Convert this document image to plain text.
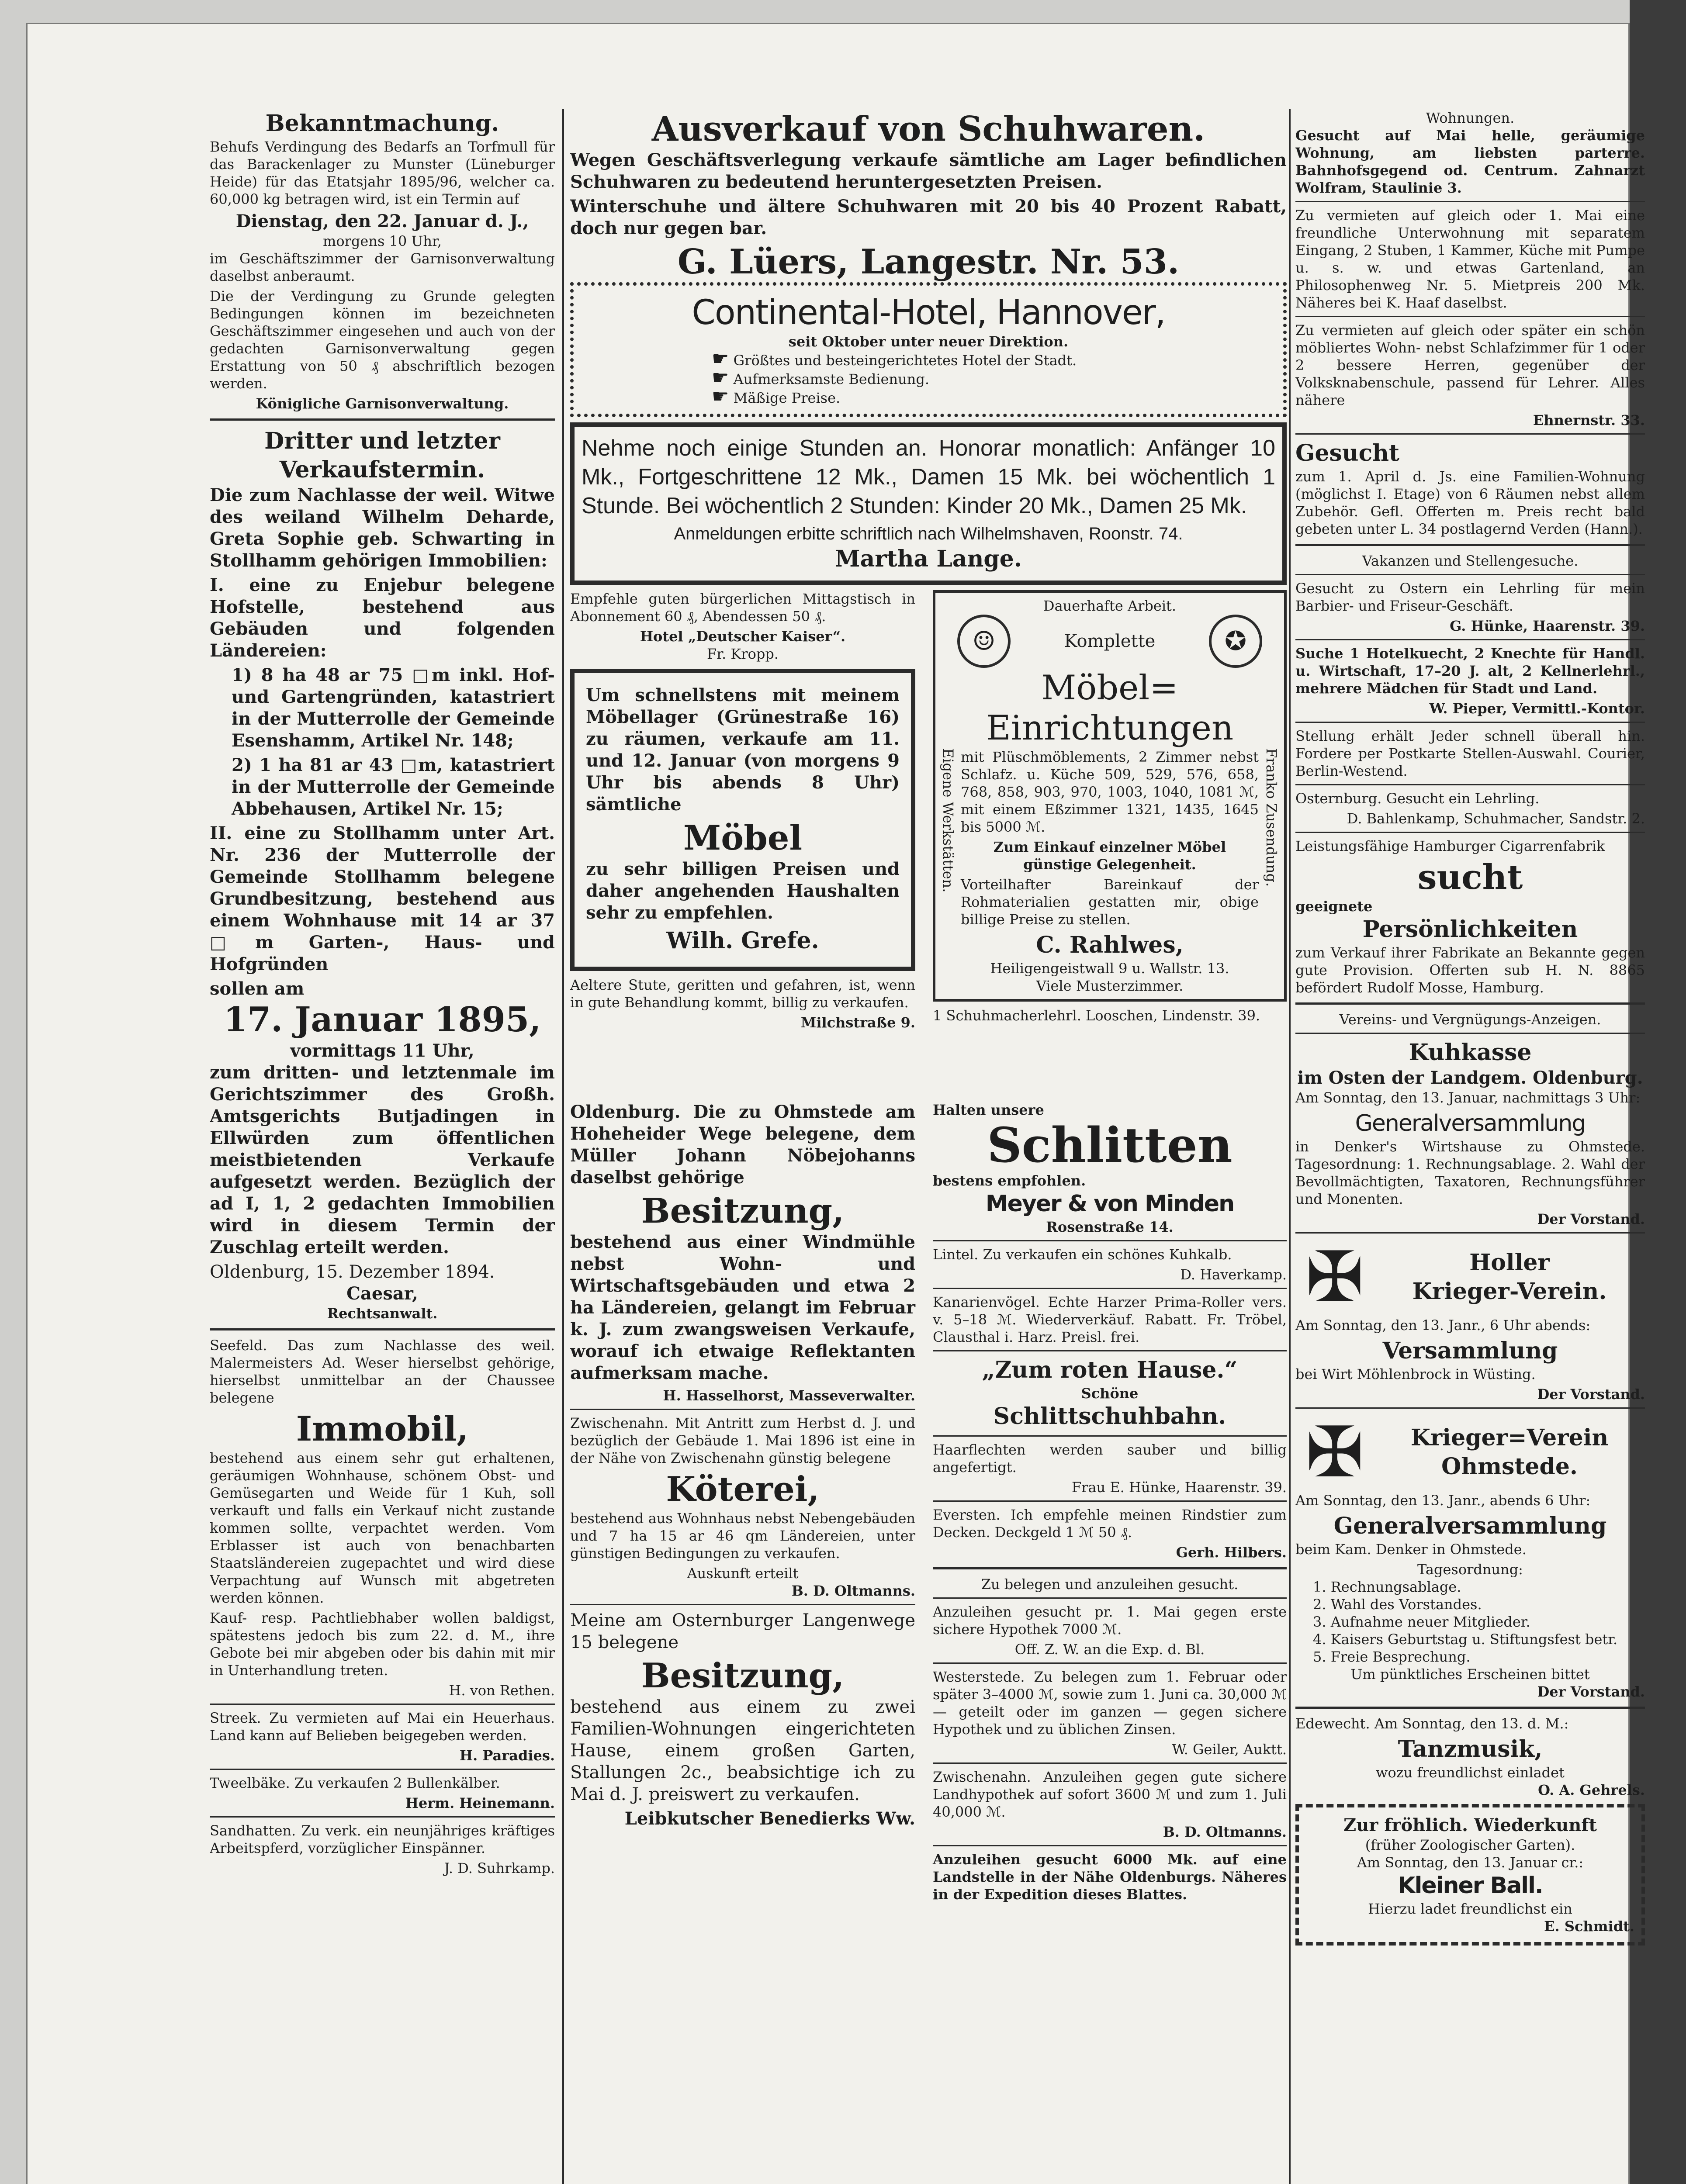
Bekanntmachung.

Behufs Verdingung des Bedarfs an Torfmull für das Barackenlager zu Munster (Lüneburger Heide) für das Etatsjahr 1895/96, welcher ca. 60,000 kg betragen wird, ist ein Termin auf

Dienstag, den 22. Januar d. J.,
morgens 10 Uhr,

im Geschäftszimmer der Garnisonverwaltung daselbst anberaumt.

Die der Verdingung zu Grunde gelegten Bedingungen können im bezeichneten Geschäftszimmer eingesehen und auch von der gedachten Garnisonverwaltung gegen Erstattung von 50 ₰ abschriftlich bezogen werden.

Königliche Garnisonverwaltung.
Dritter und letzter Verkaufstermin.

Die zum Nachlasse der weil. Witwe des weiland Wilhelm Deharde, Greta Sophie geb. Schwarting in Stollhamm gehörigen Immobilien:

I. eine zu Enjebur belegene Hofstelle, bestehend aus Gebäuden und folgenden Ländereien:

1) 8 ha 48 ar 75 □m inkl. Hof- und Gartengründen, katastriert in der Mutterrolle der Gemeinde Esenshamm, Artikel Nr. 148;

2) 1 ha 81 ar 43 □m, katastriert in der Mutterrolle der Gemeinde Abbehausen, Artikel Nr. 15;

II. eine zu Stollhamm unter Art. Nr. 236 der Mutterrolle der Gemeinde Stollhamm belegene Grundbesitzung, bestehend aus einem Wohnhause mit 14 ar 37 □m Garten-, Haus- und Hofgründen

sollen am
17. Januar 1895,
vormittags 11 Uhr,

zum dritten- und letztenmale im Gerichtszimmer des Großh. Amtsgerichts Butjadingen in Ellwürden zum öffentlichen meistbietenden Verkaufe aufgesetzt werden. Bezüglich der ad I, 1, 2 gedachten Immobilien wird in diesem Termin der Zuschlag erteilt werden.

Oldenburg, 15. Dezember 1894.
Caesar,
Rechtsanwalt.

Seefeld. Das zum Nachlasse des weil. Malermeisters Ad. Weser hierselbst gehörige, hierselbst unmittelbar an der Chaussee belegene

Immobil,

bestehend aus einem sehr gut erhaltenen, geräumigen Wohnhause, schönem Obst- und Gemüsegarten und Weide für 1 Kuh, soll verkauft und falls ein Verkauf nicht zustande kommen sollte, verpachtet werden. Vom Erblasser ist auch von benachbarten Staatsländereien zugepachtet und wird diese Verpachtung auf Wunsch mit abgetreten werden können.

Kauf- resp. Pachtliebhaber wollen baldigst, spätestens jedoch bis zum 22. d. M., ihre Gebote bei mir abgeben oder bis dahin mit mir in Unterhandlung treten.

H. von Rethen.

Streek. Zu vermieten auf Mai ein Heuerhaus. Land kann auf Belieben beigegeben werden.

H. Paradies.

Tweelbäke. Zu verkaufen 2 Bullenkälber.

Herm. Heinemann.

Sandhatten. Zu verk. ein neunjähriges kräftiges Arbeitspferd, vorzüglicher Einspänner.

J. D. Suhrkamp.
Ausverkauf von Schuhwaren.

Wegen Geschäftsverlegung verkaufe sämtliche am Lager befindlichen Schuhwaren zu bedeutend heruntergesetzten Preisen.

Winterschuhe und ältere Schuhwaren mit 20 bis 40 Prozent Rabatt, doch nur gegen bar.

G. Lüers, Langestr. Nr. 53.
Continental-Hotel, Hannover,
seit Oktober unter neuer Direktion.
☛ Größtes und besteingerichtetes Hotel der Stadt.
☛ Aufmerksamste Bedienung.
☛ Mäßige Preise.

Nehme noch einige Stunden an. Honorar monatlich: Anfänger 10 Mk., Fortgeschrittene 12 Mk., Damen 15 Mk. bei wöchentlich 1 Stunde. Bei wöchentlich 2 Stunden: Kinder 20 Mk., Damen 25 Mk.

Anmeldungen erbitte schriftlich nach Wilhelmshaven, Roonstr. 74.
Martha Lange.

Empfehle guten bürgerlichen Mittagstisch in Abonnement 60 ₰, Abendessen 50 ₰.

Hotel „Deutscher Kaiser“.
Fr. Kropp.

Um schnellstens mit meinem Möbellager (Grünestraße 16) zu räumen, verkaufe am 11. und 12. Januar (von morgens 9 Uhr bis abends 8 Uhr) sämtliche

Möbel

zu sehr billigen Preisen und daher angehenden Haushalten sehr zu empfehlen.

Wilh. Grefe.

Aeltere Stute, geritten und gefahren, ist, wenn in gute Behandlung kommt, billig zu verkaufen.

Milchstraße 9.
Dauerhafte Arbeit.
☺	Komplette	✪
Möbel=
Einrichtungen
Eigene Werkstätten. mit Plüschmöblements, 2 Zimmer nebst Schlafz. u. Küche 509, 529, 576, 658, 768, 858, 903, 970, 1003, 1040, 1081 ℳ, mit einem Eßzimmer 1321, 1435, 1645 bis 5000 ℳ.

Zum Einkauf einzelner Möbel günstige Gelegenheit.

Vorteilhafter Bareinkauf der Rohmaterialien gestatten mir, obige billige Preise zu stellen.

Franko Zusendung.
C. Rahlwes,
Heiligengeistwall 9 u. Wallstr. 13.
Viele Musterzimmer.
1 Schuhmacherlehrl. Looschen, Lindenstr. 39.

Oldenburg. Die zu Ohmstede am Hoheheider Wege belegene, dem Müller Johann Nöbejohanns daselbst gehörige

Besitzung,

bestehend aus einer Windmühle nebst Wohn- und Wirtschaftsgebäuden und etwa 2 ha Ländereien, gelangt im Februar k. J. zum zwangsweisen Verkaufe, worauf ich etwaige Reflektanten aufmerksam mache.

H. Hasselhorst, Masseverwalter.

Zwischenahn. Mit Antritt zum Herbst d. J. und bezüglich der Gebäude 1. Mai 1896 ist eine in der Nähe von Zwischenahn günstig belegene

Köterei,

bestehend aus Wohnhaus nebst Nebengebäuden und 7 ha 15 ar 46 qm Ländereien, unter günstigen Bedingungen zu verkaufen.

Auskunft erteilt
B. D. Oltmanns.

Meine am Osternburger Langenwege 15 belegene

Besitzung,

bestehend aus einem zu zwei Familien-Wohnungen eingerichteten Hause, einem großen Garten, Stallungen 2c., beabsichtige ich zu Mai d. J. preiswert zu verkaufen.

Leibkutscher Benedierks Ww.
Halten unsere
Schlitten
bestens empfohlen.
Meyer & von Minden
Rosenstraße 14.

Lintel. Zu verkaufen ein schönes Kuhkalb.

D. Haverkamp.

Kanarienvögel. Echte Harzer Prima-Roller vers. v. 5–18 ℳ. Wiederverkäuf. Rabatt. Fr. Tröbel, Clausthal i. Harz. Preisl. frei.

„Zum roten Hause.“
Schöne
Schlittschuhbahn.

Haarflechten werden sauber und billig angefertigt.

Frau E. Hünke, Haarenstr. 39.

Eversten. Ich empfehle meinen Rindstier zum Decken. Deckgeld 1 ℳ 50 ₰.

Gerh. Hilbers.
Zu belegen und anzuleihen gesucht.

Anzuleihen gesucht pr. 1. Mai gegen erste sichere Hypothek 7000 ℳ.

Off. Z. W. an die Exp. d. Bl.

Westerstede. Zu belegen zum 1. Februar oder später 3–4000 ℳ, sowie zum 1. Juni ca. 30,000 ℳ — geteilt oder im ganzen — gegen sichere Hypothek und zu üblichen Zinsen.

W. Geiler, Auktt.

Zwischenahn. Anzuleihen gegen gute sichere Landhypothek auf sofort 3600 ℳ und zum 1. Juli 40,000 ℳ.

B. D. Oltmanns.

Anzuleihen gesucht 6000 Mk. auf eine Landstelle in der Nähe Oldenburgs. Näheres in der Expedition dieses Blattes.

Wohnungen.

Gesucht auf Mai helle, geräumige Wohnung, am liebsten parterre. Bahnhofsgegend od. Centrum. Zahnarzt Wolfram, Staulinie 3.

Zu vermieten auf gleich oder 1. Mai eine freundliche Unterwohnung mit separatem Eingang, 2 Stuben, 1 Kammer, Küche mit Pumpe u. s. w. und etwas Gartenland, an Philosophenweg Nr. 5. Mietpreis 200 Mk. Näheres bei K. Haaf daselbst.

Zu vermieten auf gleich oder später ein schön möbliertes Wohn- nebst Schlafzimmer für 1 oder 2 bessere Herren, gegenüber der Volksknabenschule, passend für Lehrer. Alles nähere

Ehnernstr. 33.
Gesucht

zum 1. April d. Js. eine Familien-Wohnung (möglichst I. Etage) von 6 Räumen nebst allem Zubehör. Gefl. Offerten m. Preis recht bald gebeten unter L. 34 postlagernd Verden (Hann.).

Vakanzen und Stellengesuche.

Gesucht zu Ostern ein Lehrling für mein Barbier- und Friseur-Geschäft.

G. Hünke, Haarenstr. 39.

Suche 1 Hotelkuecht, 2 Knechte für Handl. u. Wirtschaft, 17–20 J. alt, 2 Kellnerlehrl., mehrere Mädchen für Stadt und Land.

W. Pieper, Vermittl.-Kontor.

Stellung erhält Jeder schnell überall hin. Fordere per Postkarte Stellen-Auswahl. Courier, Berlin-Westend.

Osternburg. Gesucht ein Lehrling.

D. Bahlenkamp, Schuhmacher, Sandstr. 2.

Leistungsfähige Hamburger Cigarrenfabrik

sucht
geeignete
Persönlichkeiten

zum Verkauf ihrer Fabrikate an Bekannte gegen gute Provision. Offerten sub H. N. 8865 befördert Rudolf Mosse, Hamburg.

Vereins- und Vergnügungs-Anzeigen.
Kuhkasse
im Osten der Landgem. Oldenburg.

Am Sonntag, den 13. Januar, nachmittags 3 Uhr:

Generalversammlung

in Denker's Wirtshause zu Ohmstede. Tagesordnung: 1. Rechnungsablage. 2. Wahl der Bevollmächtigten, Taxatoren, Rechnungsführer und Monenten.

Der Vorstand.
✠	Holler
Krieger-Verein.

Am Sonntag, den 13. Janr., 6 Uhr abends:

Versammlung

bei Wirt Möhlenbrock in Wüsting.

Der Vorstand.
✠	Krieger=Verein
Ohmstede.

Am Sonntag, den 13. Janr., abends 6 Uhr:

Generalversammlung

beim Kam. Denker in Ohmstede.

Tagesordnung:
1. Rechnungsablage.
2. Wahl des Vorstandes.
3. Aufnahme neuer Mitglieder.
4. Kaisers Geburtstag u. Stiftungsfest betr.
5. Freie Besprechung.
Um pünktliches Erscheinen bittet
Der Vorstand.

Edewecht. Am Sonntag, den 13. d. M.:

Tanzmusik,
wozu freundlichst einladet
O. A. Gehrels.
Zur fröhlich. Wiederkunft
(früher Zoologischer Garten).
Am Sonntag, den 13. Januar cr.:
Kleiner Ball.
Hierzu ladet freundlichst ein
E. Schmidt.
